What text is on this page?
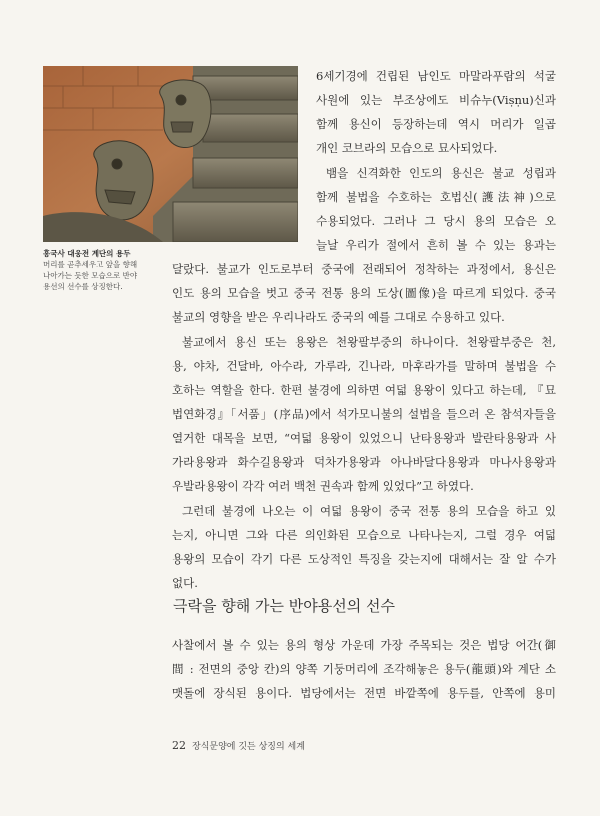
흥국사 대웅전 계단의 용두
머리를 곧추세우고 앞을 향해
나아가는 듯한 모습으로 반야
용선의 선수를 상징한다.
6세기경에 건립된 남인도 마말라푸람의 석굴
사원에 있는 부조상에도 비슈누(Viṣṇu)신과
함께 용신이 등장하는데 역시 머리가 일곱
개인 코브라의 모습으로 묘사되었다.
뱀을 신격화한 인도의 용신은 불교 성립과
함께 불법을 수호하는 호법신(護法神)으로
수용되었다. 그러나 그 당시 용의 모습은 오
늘날 우리가 절에서 흔히 볼 수 있는 용과는
달랐다. 불교가 인도로부터 중국에 전래되어 정착하는 과정에서, 용신은
인도 용의 모습을 벗고 중국 전통 용의 도상(圖像)을 따르게 되었다. 중국
불교의 영향을 받은 우리나라도 중국의 예를 그대로 수용하고 있다.
불교에서 용신 또는 용왕은 천왕팔부중의 하나이다. 천왕팔부중은 천,
용, 야차, 건달바, 아수라, 가루라, 긴나라, 마후라가를 말하며 불법을 수
호하는 역할을 한다. 한편 불경에 의하면 여덟 용왕이 있다고 하는데, 『묘
법연화경』「서품」(序品)에서 석가모니불의 설법을 들으러 온 참석자들을
열거한 대목을 보면, “여덟 용왕이 있었으니 난타용왕과 발란타용왕과 사
가라용왕과 화수길용왕과 덕차가용왕과 아나바달다용왕과 마나사용왕과
우발라용왕이 각각 여러 백천 권속과 함께 있었다”고 하였다.
그런데 불경에 나오는 이 여덟 용왕이 중국 전통 용의 모습을 하고 있
는지, 아니면 그와 다른 의인화된 모습으로 나타나는지, 그럴 경우 여덟
용왕의 모습이 각기 다른 도상적인 특징을 갖는지에 대해서는 잘 알 수가
없다.
사찰에서 볼 수 있는 용의 형상 가운데 가장 주목되는 것은 법당 어간(御
間 : 전면의 중앙 칸)의 양쪽 기둥머리에 조각해놓은 용두(龍頭)와 계단 소
맷돌에 장식된 용이다. 법당에서는 전면 바깥쪽에 용두를, 안쪽에 용미
극락을 향해 가는 반야용선의 선수
22 장식문양에 깃든 상징의 세계
